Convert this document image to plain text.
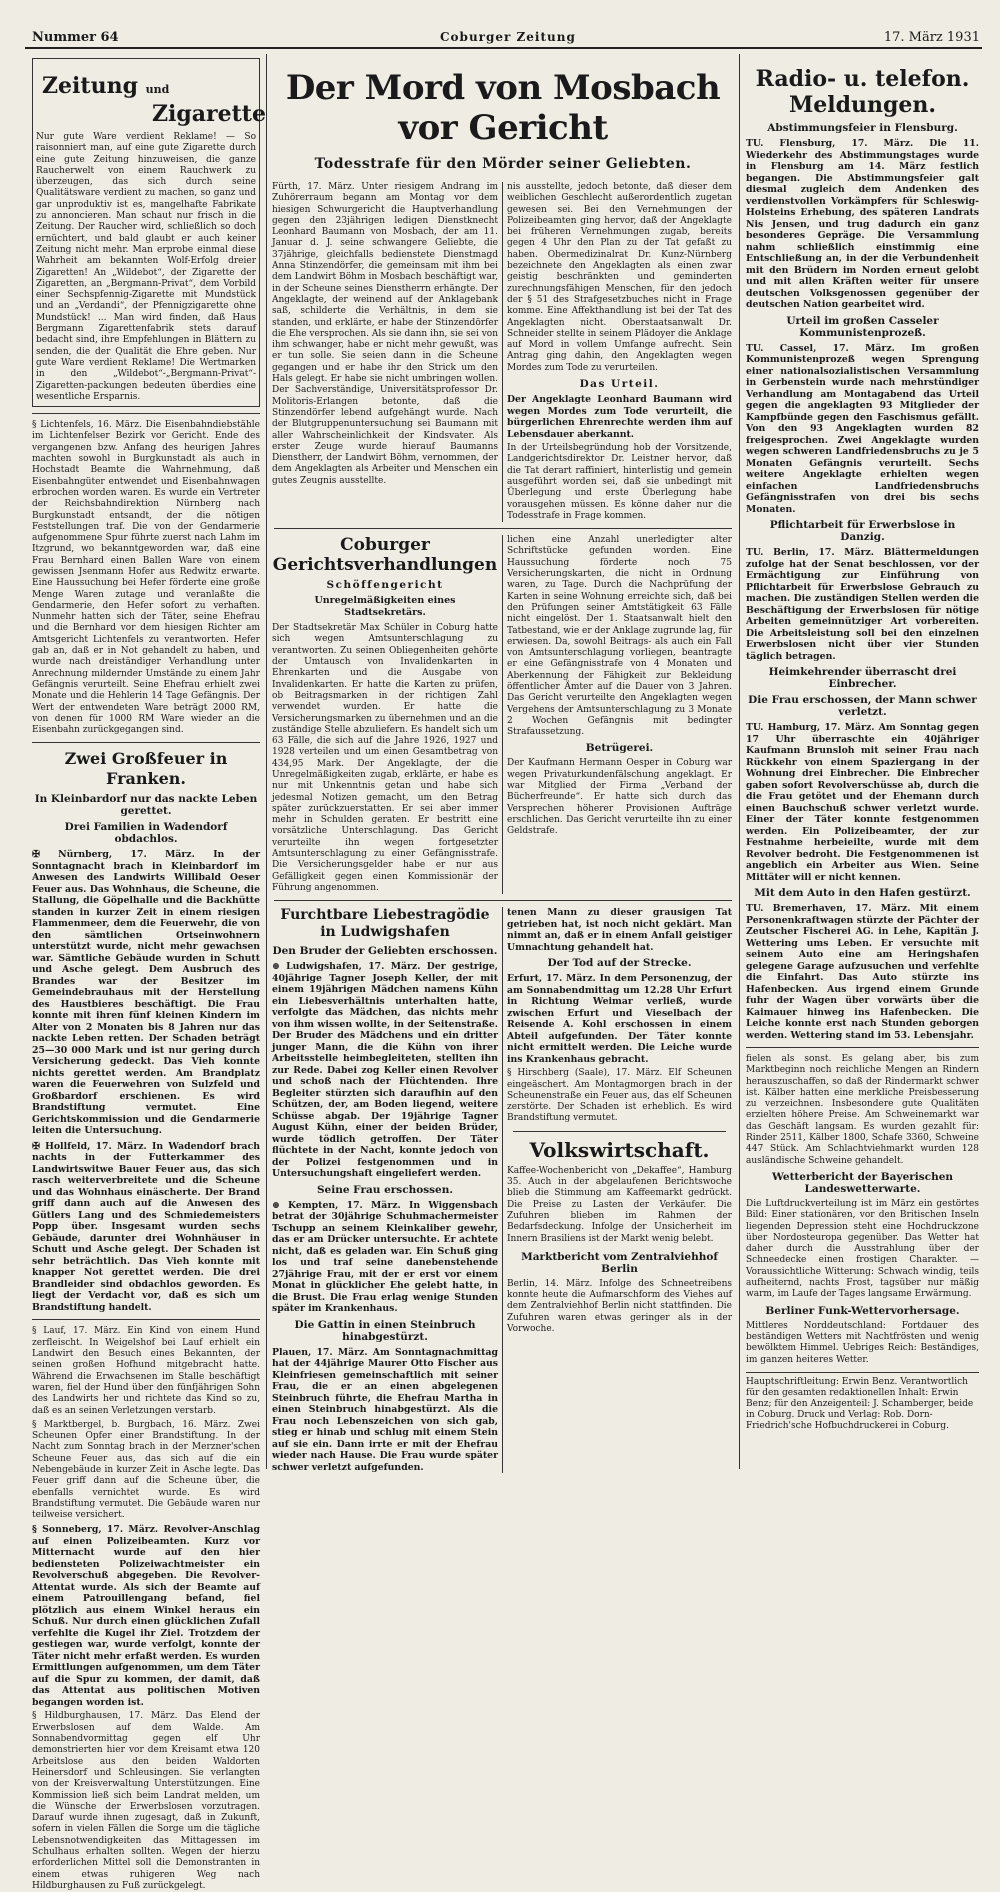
Nummer 64	Coburger Zeitung	17. März 1931
Zeitung und
Zigarette

Nur gute Ware verdient Reklame! — So raisonniert man, auf eine gute Zigarette durch eine gute Zeitung hinzuweisen, die ganze Raucherwelt von einem Rauchwerk zu überzeugen, das sich durch seine Qualitätsware verdient zu machen, so ganz und gar unproduktiv ist es, mangelhafte Fabrikate zu annoncieren. Man schaut nur frisch in die Zeitung. Der Raucher wird, schließlich so doch ernüchtert, und bald glaubt er auch keiner Zeitung nicht mehr. Man erprobe einmal diese Wahrheit am bekannten Wolf-Erfolg dreier Zigaretten! An „Wildebot“, der Zigarette der Zigaretten, an „Bergmann-Privat“, dem Vorbild einer Sechspfennig-Zigarette mit Mundstück und an „Verdandi“, der Pfennigzigarette ohne Mundstück! ... Man wird finden, daß Haus Bergmann Zigarettenfabrik stets darauf bedacht sind, ihre Empfehlungen in Blättern zu senden, die der Qualität die Ehre geben. Nur gute Ware verdient Reklame! Die Wertmarken in den „Wildebot“-„Bergmann-Privat“-Zigaretten-packungen bedeuten überdies eine wesentliche Ersparnis.

§ Lichtenfels, 16. März. Die Eisenbahndiebstähle im Lichtenfelser Bezirk vor Gericht. Ende des vergangenen bzw. Anfang des heurigen Jahres machten sowohl in Burgkunstadt als auch in Hochstadt Beamte die Wahrnehmung, daß Eisenbahngüter entwendet und Eisenbahnwagen erbrochen worden waren. Es wurde ein Vertreter der Reichsbahndirektion Nürnberg nach Burgkunstadt entsandt, der die nötigen Feststellungen traf. Die von der Gendarmerie aufgenommene Spur führte zuerst nach Lahm im Itzgrund, wo bekanntgeworden war, daß eine Frau Bernhard einen Ballen Ware von einem gewissen Jsenmann Hofer aus Redwitz erwarte. Eine Haussuchung bei Hefer förderte eine große Menge Waren zutage und veranlaßte die Gendarmerie, den Hefer sofort zu verhaften. Nunmehr hatten sich der Täter, seine Ehefrau und die Bernhard vor dem hiesigen Richter am Amtsgericht Lichtenfels zu verantworten. Hefer gab an, daß er in Not gehandelt zu haben, und wurde nach dreiständiger Verhandlung unter Anrechnung mildernder Umstände zu einem Jahr Gefängnis verurteilt. Seine Ehefrau erhielt zwei Monate und die Hehlerin 14 Tage Gefängnis. Der Wert der entwendeten Ware beträgt 2000 RM, von denen für 1000 RM Ware wieder an die Eisenbahn zurückgegangen sind.

Zwei Großfeuer in Franken.
In Kleinbardorf nur das nackte Leben gerettet.
Drei Familien in Wadendorf obdachlos.

✠ Nürnberg, 17. März. In der Sonntagnacht brach in Kleinbardorf im Anwesen des Landwirts Willibald Oeser Feuer aus. Das Wohnhaus, die Scheune, die Stallung, die Göpelhalle und die Backhütte standen in kurzer Zeit in einem riesigen Flammenmeer, dem die Feuerwehr, die von den sämtlichen Ortseinwohnern unterstützt wurde, nicht mehr gewachsen war. Sämtliche Gebäude wurden in Schutt und Asche gelegt. Dem Ausbruch des Brandes war der Besitzer im Gemeindebrauhaus mit der Herstellung des Haustbieres beschäftigt. Die Frau konnte mit ihren fünf kleinen Kindern im Alter von 2 Monaten bis 8 Jahren nur das nackte Leben retten. Der Schaden beträgt 25—30 000 Mark und ist nur gering durch Versicherung gedeckt. Das Vieh konnte nichts gerettet werden. Am Brandplatz waren die Feuerwehren von Sulzfeld und Großbardorf erschienen. Es wird Brandstiftung vermutet. Eine Gerichtskommission und die Gendarmerie leiten die Untersuchung.

✠ Hollfeld, 17. März. In Wadendorf brach nachts in der Futterkammer des Landwirtswitwe Bauer Feuer aus, das sich rasch weiterverbreitete und die Scheune und das Wohnhaus einäscherte. Der Brand griff dann auch auf die Anwesen des Gütlers Lang und des Schmiedemeisters Popp über. Insgesamt wurden sechs Gebäude, darunter drei Wohnhäuser in Schutt und Asche gelegt. Der Schaden ist sehr beträchtlich. Das Vieh konnte mit knapper Not gerettet werden. Die drei Brandleider sind obdachlos geworden. Es liegt der Verdacht vor, daß es sich um Brandstiftung handelt.

§ Lauf, 17. März. Ein Kind von einem Hund zerfleischt. In Weigelshof bei Lauf erhielt ein Landwirt den Besuch eines Bekannten, der seinen großen Hofhund mitgebracht hatte. Während die Erwachsenen im Stalle beschäftigt waren, fiel der Hund über den fünfjährigen Sohn des Landwirts her und richtete das Kind so zu, daß es an seinen Verletzungen verstarb.

§ Marktbergel, b. Burgbach, 16. März. Zwei Scheunen Opfer einer Brandstiftung. In der Nacht zum Sonntag brach in der Merzner'schen Scheune Feuer aus, das sich auf die ein Nebengebäude in kurzer Zeit in Asche legte. Das Feuer griff dann auf die Scheune über, die ebenfalls vernichtet wurde. Es wird Brandstiftung vermutet. Die Gebäude waren nur teilweise versichert.

§ Sonneberg, 17. März. Revolver-Anschlag auf einen Polizeibeamten. Kurz vor Mitternacht wurde auf den hier bediensteten Polizeiwachtmeister ein Revolverschuß abgegeben. Die Revolver-Attentat wurde. Als sich der Beamte auf einem Patrouillengang befand, fiel plötzlich aus einem Winkel heraus ein Schuß. Nur durch einen glücklichen Zufall verfehlte die Kugel ihr Ziel. Trotzdem der gestiegen war, wurde verfolgt, konnte der Täter nicht mehr erfaßt werden. Es wurden Ermittlungen aufgenommen, um dem Täter auf die Spur zu kommen, der damit, daß das Attentat aus politischen Motiven begangen worden ist.

§ Hildburghausen, 17. März. Das Elend der Erwerbslosen auf dem Walde. Am Sonnabendvormittag gegen elf Uhr demonstrierten hier vor dem Kreisamt etwa 120 Arbeitslose aus den beiden Waldorten Heinersdorf und Schleusingen. Sie verlangten von der Kreisverwaltung Unterstützungen. Eine Kommission ließ sich beim Landrat melden, um die Wünsche der Erwerbslosen vorzutragen. Darauf wurde ihnen zugesagt, daß in Zukunft, sofern in vielen Fällen die Sorge um die tägliche Lebensnotwendigkeiten das Mittagessen im Schulhaus erhalten sollten. Wegen der hierzu erforderlichen Mittel soll die Demonstranten in einem etwas ruhigeren Weg nach Hildburghausen zu Fuß zurückgelegt.

Der Mord von Mosbach vor Gericht
Todesstrafe für den Mörder seiner Geliebten.

Fürth, 17. März. Unter riesigem Andrang im Zuhörerraum begann am Montag vor dem hiesigen Schwurgericht die Hauptverhandlung gegen den 23jährigen ledigen Dienstknecht Leonhard Baumann von Mosbach, der am 11. Januar d. J. seine schwangere Geliebte, die 37jährige, gleichfalls bedienstete Dienstmagd Anna Stinzendörfer, die gemeinsam mit ihm bei dem Landwirt Böhm in Mosbach beschäftigt war, in der Scheune seines Dienstherrn erhängte. Der Angeklagte, der weinend auf der Anklagebank saß, schilderte die Verhältnis, in dem sie standen, und erklärte, er habe der Stinzendörfer die Ehe versprochen. Als sie dann ihn, sie sei von ihm schwanger, habe er nicht mehr gewußt, was er tun solle. Sie seien dann in die Scheune gegangen und er habe ihr den Strick um den Hals gelegt. Er habe sie nicht umbringen wollen. Der Sachverständige, Universitätsprofessor Dr. Molitoris-Erlangen betonte, daß die Stinzendörfer lebend aufgehängt wurde. Nach der Blutgruppenuntersuchung sei Baumann mit aller Wahrscheinlichkeit der Kindsvater. Als erster Zeuge wurde hierauf Baumanns Dienstherr, der Landwirt Böhm, vernommen, der dem Angeklagten als Arbeiter und Menschen ein gutes Zeugnis ausstellte.

nis ausstellte, jedoch betonte, daß dieser dem weiblichen Geschlecht außerordentlich zugetan gewesen sei. Bei den Vernehmungen der Polizeibeamten ging hervor, daß der Angeklagte bei früheren Vernehmungen zugab, bereits gegen 4 Uhr den Plan zu der Tat gefaßt zu haben. Obermedizinalrat Dr. Kunz-Nürnberg bezeichnete den Angeklagten als einen zwar geistig beschränkten und geminderten zurechnungsfähigen Menschen, für den jedoch der § 51 des Strafgesetzbuches nicht in Frage komme. Eine Affekthandlung ist bei der Tat des Angeklagten nicht. Oberstaatsanwalt Dr. Schneider stellte in seinem Plädoyer die Anklage auf Mord in vollem Umfange aufrecht. Sein Antrag ging dahin, den Angeklagten wegen Mordes zum Tode zu verurteilen.

Das Urteil.

Der Angeklagte Leonhard Baumann wird wegen Mordes zum Tode verurteilt, die bürgerlichen Ehrenrechte werden ihm auf Lebensdauer aberkannt.

In der Urteilsbegründung hob der Vorsitzende, Landgerichtsdirektor Dr. Leistner hervor, daß die Tat derart raffiniert, hinterlistig und gemein ausgeführt worden sei, daß sie unbedingt mit Überlegung und erste Überlegung habe vorausgehen müssen. Es könne daher nur die Todesstrafe in Frage kommen.

Coburger Gerichtsverhandlungen
Schöffengericht
Unregelmäßigkeiten eines Stadtsekretärs.

Der Stadtsekretär Max Schüler in Coburg hatte sich wegen Amtsunterschlagung zu verantworten. Zu seinen Obliegenheiten gehörte der Umtausch von Invalidenkarten in Ehrenkarten und die Ausgabe von Invalidenkarten. Er hatte die Karten zu prüfen, ob Beitragsmarken in der richtigen Zahl verwendet wurden. Er hatte die Versicherungsmarken zu übernehmen und an die zuständige Stelle abzuliefern. Es handelt sich um 63 Fälle, die sich auf die Jahre 1926, 1927 und 1928 verteilen und um einen Gesamtbetrag von 434,95 Mark. Der Angeklagte, der die Unregelmäßigkeiten zugab, erklärte, er habe es nur mit Unkenntnis getan und habe sich jedesmal Notizen gemacht, um den Betrag später zurückzuerstatten. Er sei aber immer mehr in Schulden geraten. Er bestritt eine vorsätzliche Unterschlagung. Das Gericht verurteilte ihn wegen fortgesetzter Amtsunterschlagung zu einer Gefängnisstrafe. Die Versicherungsgelder habe er nur aus Gefälligkeit gegen einen Kommissionär der Führung angenommen.

lichen eine Anzahl unerledigter alter Schriftstücke gefunden worden. Eine Haussuchung förderte noch 75 Versicherungskarten, die nicht in Ordnung waren, zu Tage. Durch die Nachprüfung der Karten in seine Wohnung erreichte sich, daß bei den Prüfungen seiner Amtstätigkeit 63 Fälle nicht eingelöst. Der 1. Staatsanwalt hielt den Tatbestand, wie er der Anklage zugrunde lag, für erwiesen. Da, sowohl Beitrags- als auch ein Fall von Amtsunterschlagung vorliegen, beantragte er eine Gefängnisstrafe von 4 Monaten und Aberkennung der Fähigkeit zur Bekleidung öffentlicher Ämter auf die Dauer von 3 Jahren. Das Gericht verurteilte den Angeklagten wegen Vergehens der Amtsunterschlagung zu 3 Monate 2 Wochen Gefängnis mit bedingter Strafaussetzung.

Betrügerei.

Der Kaufmann Hermann Oesper in Coburg war wegen Privaturkundenfälschung angeklagt. Er war Mitglied der Firma „Verband der Bücherfreunde“. Er hatte sich durch das Versprechen höherer Provisionen Aufträge erschlichen. Das Gericht verurteilte ihn zu einer Geldstrafe.

Furchtbare Liebestragödie in Ludwigshafen
Den Bruder der Geliebten erschossen.

⊕ Ludwigshafen, 17. März. Der gestrige, 40jährige Tagner Joseph Keller, der mit einem 19jährigen Mädchen namens Kühn ein Liebesverhältnis unterhalten hatte, verfolgte das Mädchen, das nichts mehr von ihm wissen wollte, in der Seitenstraße. Der Bruder des Mädchens und ein dritter junger Mann, die die Kühn von ihrer Arbeitsstelle heimbegleiteten, stellten ihn zur Rede. Dabei zog Keller einen Revolver und schoß nach der Flüchtenden. Ihre Begleiter stürzten sich daraufhin auf den Schützen, der, am Boden liegend, weitere Schüsse abgab. Der 19jährige Tagner August Kühn, einer der beiden Brüder, wurde tödlich getroffen. Der Täter flüchtete in der Nacht, konnte jedoch von der Polizei festgenommen und in Untersuchungshaft eingeliefert werden.

Seine Frau erschossen.

⊕ Kempten, 17. März. In Wiggensbach betrat der 30jährige Schuhmachermeister Tschupp an seinem Kleinkaliber gewehr, das er am Drücker untersuchte. Er achtete nicht, daß es geladen war. Ein Schuß ging los und traf seine danebenstehende 27jährige Frau, mit der er erst vor einem Monat in glücklicher Ehe gelebt hatte, in die Brust. Die Frau erlag wenige Stunden später im Krankenhaus.

Die Gattin in einen Steinbruch hinabgestürzt.

Plauen, 17. März. Am Sonntagnachmittag hat der 44jährige Maurer Otto Fischer aus Kleinfriesen gemeinschaftlich mit seiner Frau, die er an einen abgelegenen Steinbruch führte, die Ehefrau Martha in einen Steinbruch hinabgestürzt. Als die Frau noch Lebenszeichen von sich gab, stieg er hinab und schlug mit einem Stein auf sie ein. Dann irrte er mit der Ehefrau wieder nach Hause. Die Frau wurde später schwer verletzt aufgefunden.

tenen Mann zu dieser grausigen Tat getrieben hat, ist noch nicht geklärt. Man nimmt an, daß er in einem Anfall geistiger Umnachtung gehandelt hat.

Der Tod auf der Strecke.

Erfurt, 17. März. In dem Personenzug, der am Sonnabendmittag um 12.28 Uhr Erfurt in Richtung Weimar verließ, wurde zwischen Erfurt und Vieselbach der Reisende A. Kohl erschossen in einem Abteil aufgefunden. Der Täter konnte nicht ermittelt werden. Die Leiche wurde ins Krankenhaus gebracht.

§ Hirschberg (Saale), 17. März. Elf Scheunen eingeäschert. Am Montagmorgen brach in der Scheunenstraße ein Feuer aus, das elf Scheunen zerstörte. Der Schaden ist erheblich. Es wird Brandstiftung vermutet.

Volkswirtschaft.

Kaffee-Wochenbericht von „Dekaffee“, Hamburg 35. Auch in der abgelaufenen Berichtswoche blieb die Stimmung am Kaffeemarkt gedrückt. Die Preise zu Lasten der Verkäufer. Die Zufuhren blieben im Rahmen der Bedarfsdeckung. Infolge der Unsicherheit im Innern Brasiliens ist der Markt wenig belebt.

Marktbericht vom Zentralviehhof Berlin

Berlin, 14. März. Infolge des Schneetreibens konnte heute die Aufmarschform des Viehes auf dem Zentralviehhof Berlin nicht stattfinden. Die Zufuhren waren etwas geringer als in der Vorwoche.

Radio- u. telefon. Meldungen.
Abstimmungsfeier in Flensburg.

TU. Flensburg, 17. März. Die 11. Wiederkehr des Abstimmungstages wurde in Flensburg am 14. März festlich begangen. Die Abstimmungsfeier galt diesmal zugleich dem Andenken des verdienstvollen Vorkämpfers für Schleswig-Holsteins Erhebung, des späteren Landrats Nis Jensen, und trug dadurch ein ganz besonderes Gepräge. Die Versammlung nahm schließlich einstimmig eine Entschließung an, in der die Verbundenheit mit den Brüdern im Norden erneut gelobt und mit allen Kräften weiter für unsere deutschen Volksgenossen gegenüber der deutschen Nation gearbeitet wird.

Urteil im großen Casseler Kommunistenprozeß.

TU. Cassel, 17. März. Im großen Kommunistenprozeß wegen Sprengung einer nationalsozialistischen Versammlung in Gerbenstein wurde nach mehrstündiger Verhandlung am Montagabend das Urteil gegen die angeklagten 93 Mitglieder der Kampfbünde gegen den Faschismus gefällt. Von den 93 Angeklagten wurden 82 freigesprochen. Zwei Angeklagte wurden wegen schweren Landfriedensbruchs zu je 5 Monaten Gefängnis verurteilt. Sechs weitere Angeklagte erhielten wegen einfachen Landfriedensbruchs Gefängnisstrafen von drei bis sechs Monaten.

Pflichtarbeit für Erwerbslose in Danzig.

TU. Berlin, 17. März. Blättermeldungen zufolge hat der Senat beschlossen, vor der Ermächtigung zur Einführung von Pflichtarbeit für Erwerbslose Gebrauch zu machen. Die zuständigen Stellen werden die Beschäftigung der Erwerbslosen für nötige Arbeiten gemeinnütziger Art vorbereiten. Die Arbeitsleistung soll bei den einzelnen Erwerbslosen nicht über vier Stunden täglich betragen.

Heimkehrender überrascht drei Einbrecher.
Die Frau erschossen, der Mann schwer verletzt.

TU. Hamburg, 17. März. Am Sonntag gegen 17 Uhr überraschte ein 40jähriger Kaufmann Brunsloh mit seiner Frau nach Rückkehr von einem Spaziergang in der Wohnung drei Einbrecher. Die Einbrecher gaben sofort Revolverschüsse ab, durch die die Frau getötet und der Ehemann durch einen Bauchschuß schwer verletzt wurde. Einer der Täter konnte festgenommen werden. Ein Polizeibeamter, der zur Festnahme herbeieilte, wurde mit dem Revolver bedroht. Die Festgenommenen ist angeblich ein Arbeiter aus Wien. Seine Mittäter will er nicht kennen.

Mit dem Auto in den Hafen gestürzt.

TU. Bremerhaven, 17. März. Mit einem Personenkraftwagen stürzte der Pächter der Zeutscher Fischerei AG. in Lehe, Kapitän J. Wettering ums Leben. Er versuchte mit seinem Auto eine am Heringshafen gelegene Garage aufzusuchen und verfehlte die Einfahrt. Das Auto stürzte ins Hafenbecken. Aus irgend einem Grunde fuhr der Wagen über vorwärts über die Kaimauer hinweg ins Hafenbecken. Die Leiche konnte erst nach Stunden geborgen werden. Wettering stand im 53. Lebensjahr.

fielen als sonst. Es gelang aber, bis zum Marktbeginn noch reichliche Mengen an Rindern herauszuschaffen, so daß der Rindermarkt schwer ist. Kälber hatten eine merkliche Preisbesserung zu verzeichnen. Insbesondere gute Qualitäten erzielten höhere Preise. Am Schweinemarkt war das Geschäft langsam. Es wurden gezahlt für: Rinder 2511, Kälber 1800, Schafe 3360, Schweine 447 Stück. Am Schlachtviehmarkt wurden 128 ausländische Schweine gehandelt.

Wetterbericht der Bayerischen Landeswetterwarte.

Die Luftdruckverteilung ist im März ein gestörtes Bild: Einer stationären, vor den Britischen Inseln liegenden Depression steht eine Hochdruckzone über Nordosteuropa gegenüber. Das Wetter hat daher durch die Ausstrahlung über der Schneedecke einen frostigen Charakter. — Voraussichtliche Witterung: Schwach windig, teils aufheiternd, nachts Frost, tagsüber nur mäßig warm, im Laufe der Tages langsame Erwärmung.

Berliner Funk-Wettervorhersage.

Mittleres Norddeutschland: Fortdauer des beständigen Wetters mit Nachtfrösten und wenig bewölktem Himmel. Uebriges Reich: Beständiges, im ganzen heiteres Wetter.

Hauptschriftleitung: Erwin Benz. Verantwortlich für den gesamten redaktionellen Inhalt: Erwin Benz; für den Anzeigenteil: J. Schamberger, beide in Coburg. Druck und Verlag: Rob. Dorn-Friedrich'sche Hofbuchdruckerei in Coburg.
